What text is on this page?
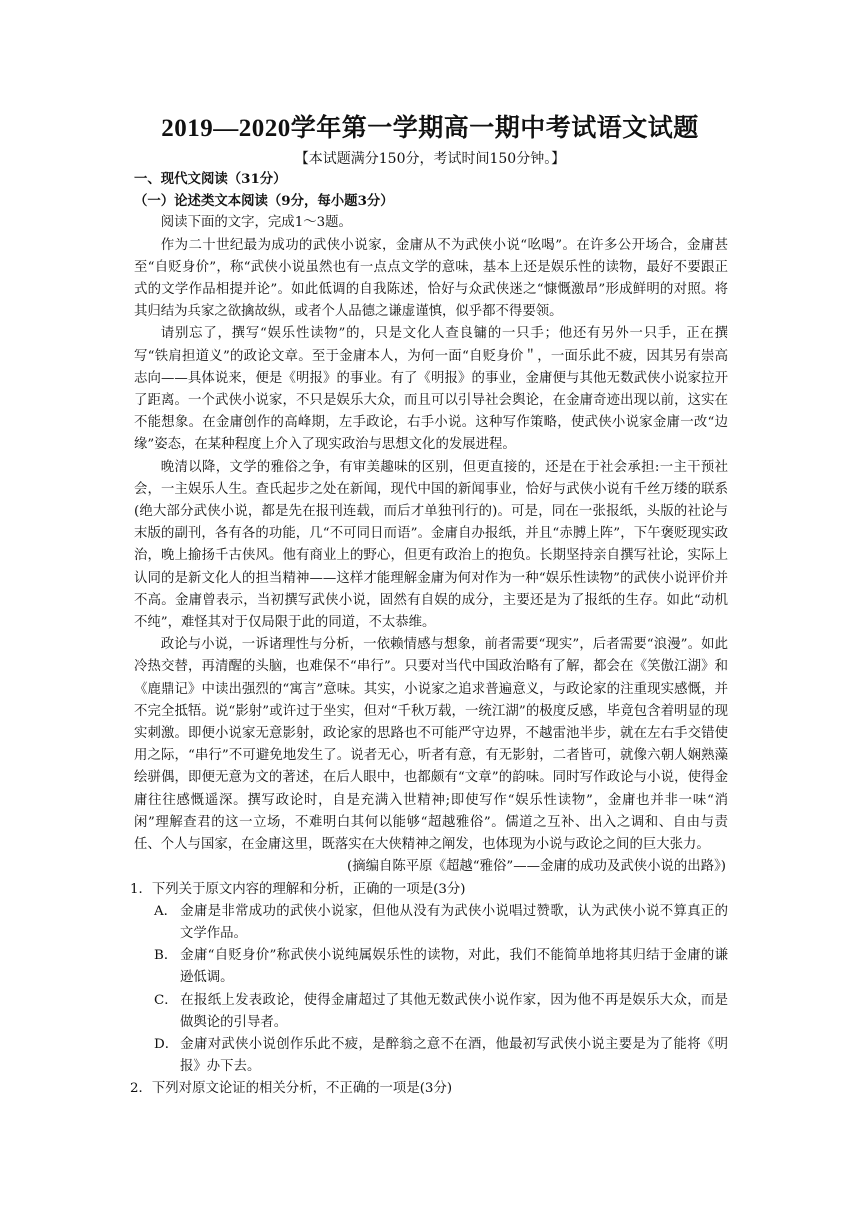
2019—2020学年第一学期高一期中考试语文试题
【本试题满分150分，考试时间150分钟。】

一、现代文阅读（31分）

（一）论述类文本阅读（9分，每小题3分）

阅读下面的文字，完成1～3题。

作为二十世纪最为成功的武侠小说家，金庸从不为武侠小说“吆喝”。在许多公开场合，金庸甚至“自贬身价”，称“武侠小说虽然也有一点点文学的意味，基本上还是娱乐性的读物，最好不要跟正式的文学作品相提并论”。如此低调的自我陈述，恰好与众武侠迷之“慷慨激昂”形成鲜明的对照。将其归结为兵家之欲擒故纵，或者个人品德之谦虚谨慎，似乎都不得要领。

请别忘了，撰写“娱乐性读物”的，只是文化人查良镛的一只手；他还有另外一只手，正在撰写“铁肩担道义”的政论文章。至于金庸本人，为何一面“自贬身价＂，一面乐此不疲，因其另有崇高志向——具体说来，便是《明报》的事业。有了《明报》的事业，金庸便与其他无数武侠小说家拉开了距离。一个武侠小说家，不只是娱乐大众，而且可以引导社会舆论，在金庸奇迹出现以前，这实在不能想象。在金庸创作的高峰期，左手政论，右手小说。这种写作策略，使武侠小说家金庸一改“边缘”姿态，在某种程度上介入了现实政治与思想文化的发展进程。

晚清以降，文学的雅俗之争，有审美趣味的区别，但更直接的，还是在于社会承担:一主干预社会，一主娱乐人生。查氏起步之处在新闻，现代中国的新闻事业，恰好与武侠小说有千丝万缕的联系(绝大部分武侠小说，都是先在报刊连载，而后才单独刊行的)。可是，同在一张报纸，头版的社论与末版的副刊，各有各的功能，几“不可同日而语”。金庸自办报纸，并且“赤膊上阵”，下午褒贬现实政治，晚上揄扬千古侠风。他有商业上的野心，但更有政治上的抱负。长期坚持亲自撰写社论，实际上认同的是新文化人的担当精神——这样才能理解金庸为何对作为一种“娱乐性读物”的武侠小说评价并不高。金庸曾表示，当初撰写武侠小说，固然有自娱的成分，主要还是为了报纸的生存。如此“动机不纯”，难怪其对于仅局限于此的同道，不太恭维。

政论与小说，一诉诸理性与分析，一依赖情感与想象，前者需要“现实”，后者需要“浪漫”。如此冷热交替，再清醒的头脑，也难保不“串行”。只要对当代中国政治略有了解，都会在《笑傲江湖》和《鹿鼎记》中读出强烈的“寓言”意味。其实，小说家之追求普遍意义，与政论家的注重现实感慨，并不完全抵牾。说“影射”或许过于坐实，但对“千秋万载，一统江湖”的极度反感，毕竟包含着明显的现实刺激。即便小说家无意影射，政论家的思路也不可能严守边界，不越雷池半步，就在左右手交错使用之际，“串行”不可避免地发生了。说者无心，听者有意，有无影射，二者皆可，就像六朝人娴熟藻绘骈偶，即便无意为文的著述，在后人眼中，也都颇有“文章”的韵味。同时写作政论与小说，使得金庸往往感慨遥深。撰写政论时，自是充满入世精神;即使写作“娱乐性读物”，金庸也并非一味“消闲”理解查君的这一立场，不难明白其何以能够“超越雅俗”。儒道之互补、出入之调和、自由与责任、个人与国家，在金庸这里，既落实在大侠精神之阐发，也体现为小说与政论之间的巨大张力。

(摘编自陈平原《超越“雅俗”——金庸的成功及武侠小说的出路》)

1．下列关于原文内容的理解和分析，正确的一项是(3分)

A． 金庸是非常成功的武侠小说家，但他从没有为武侠小说唱过赞歌，认为武侠小说不算真正的文学作品。

B． 金庸“自贬身价”称武侠小说纯属娱乐性的读物，对此，我们不能简单地将其归结于金庸的谦逊低调。

C． 在报纸上发表政论，使得金庸超过了其他无数武侠小说作家，因为他不再是娱乐大众，而是做舆论的引导者。

D． 金庸对武侠小说创作乐此不疲，是醉翁之意不在酒，他最初写武侠小说主要是为了能将《明报》办下去。

2．下列对原文论证的相关分析，不正确的一项是(3分)
